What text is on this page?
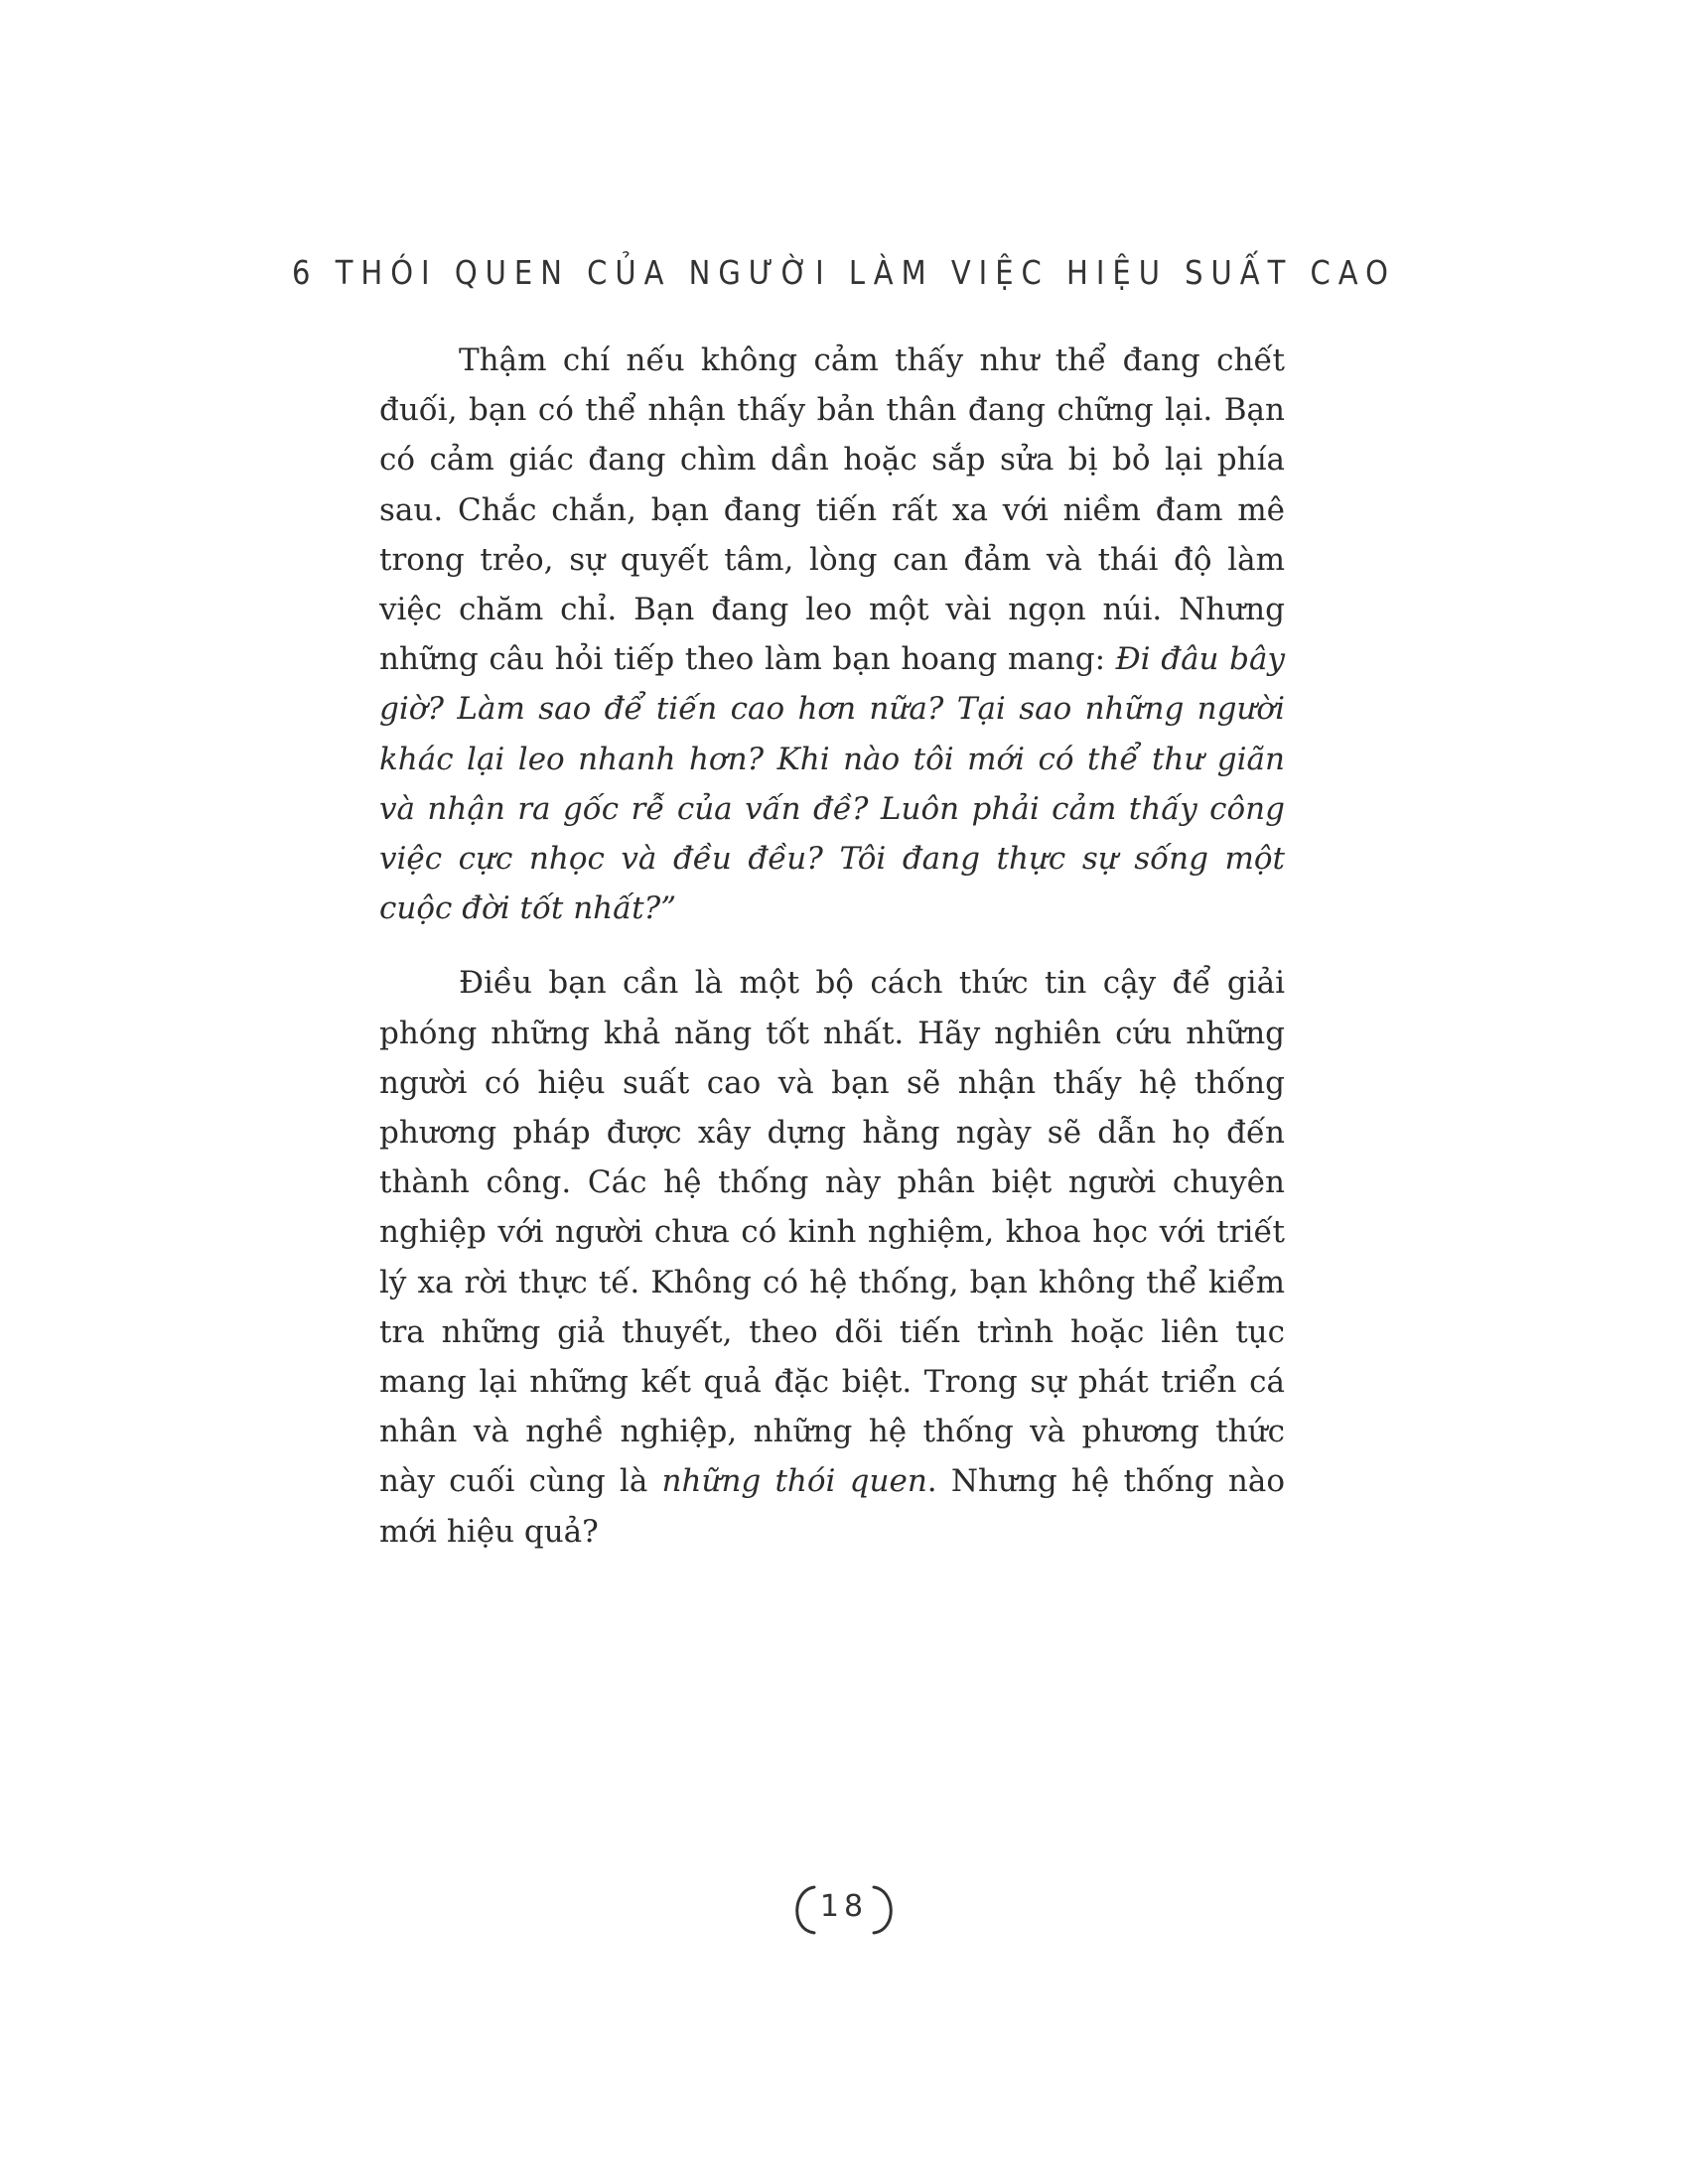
6 THÓI QUEN CỦA NGƯỜI LÀM VIỆC HIỆU SUẤT CAO

Thậm chí nếu không cảm thấy như thể đang chết đuối, bạn có thể nhận thấy bản thân đang chững lại. Bạn có cảm giác đang chìm dần hoặc sắp sửa bị bỏ lại phía sau. Chắc chắn, bạn đang tiến rất xa với niềm đam mê trong trẻo, sự quyết tâm, lòng can đảm và thái độ làm việc chăm chỉ. Bạn đang leo một vài ngọn núi. Nhưng những câu hỏi tiếp theo làm bạn hoang mang: Đi đâu bây giờ? Làm sao để tiến cao hơn nữa? Tại sao những người khác lại leo nhanh hơn? Khi nào tôi mới có thể thư giãn và nhận ra gốc rễ của vấn đề? Luôn phải cảm thấy công việc cực nhọc và đều đều? Tôi đang thực sự sống một cuộc đời tốt nhất?”

Điều bạn cần là một bộ cách thức tin cậy để giải phóng những khả năng tốt nhất. Hãy nghiên cứu những người có hiệu suất cao và bạn sẽ nhận thấy hệ thống phương pháp được xây dựng hằng ngày sẽ dẫn họ đến thành công. Các hệ thống này phân biệt người chuyên nghiệp với người chưa có kinh nghiệm, khoa học với triết lý xa rời thực tế. Không có hệ thống, bạn không thể kiểm tra những giả thuyết, theo dõi tiến trình hoặc liên tục mang lại những kết quả đặc biệt. Trong sự phát triển cá nhân và nghề nghiệp, những hệ thống và phương thức này cuối cùng là những thói quen. Nhưng hệ thống nào mới hiệu quả?

18
